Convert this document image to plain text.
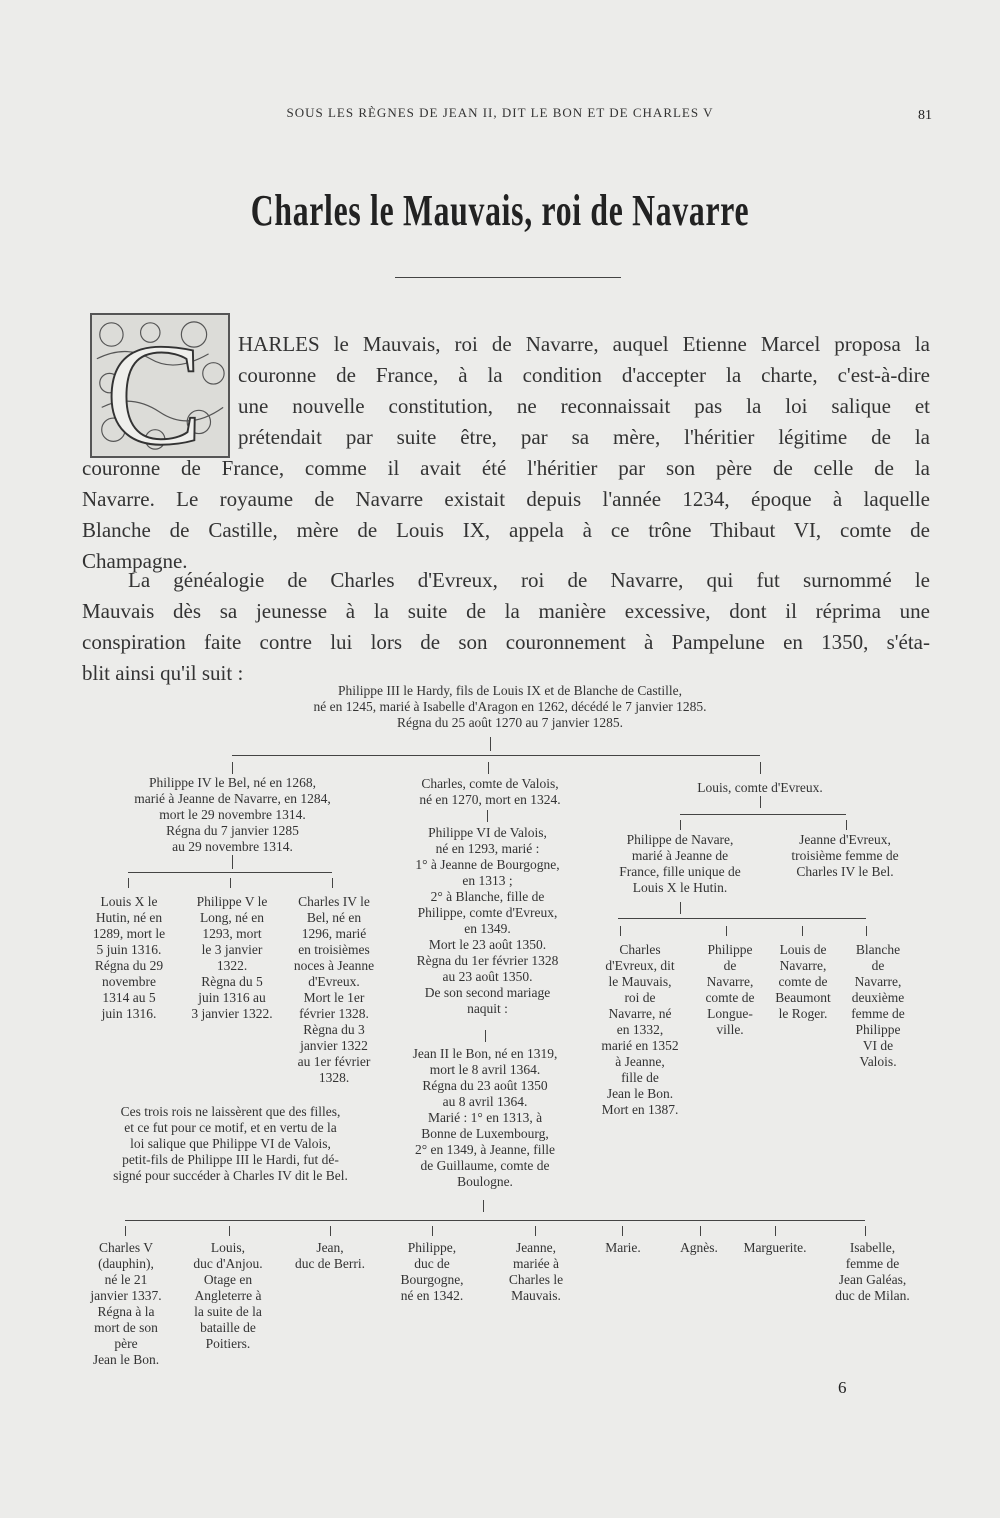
SOUS LES RÈGNES DE JEAN II, DIT LE BON ET DE CHARLES V	81
Charles le Mauvais, roi de Navarre
C HARLES le Mauvais, roi de Navarre, auquel Etienne Marcel proposa la
couronne de France, à la condition d'accepter la charte, c'est-à-dire
une nouvelle constitution, ne reconnaissait pas la loi salique et
prétendait par suite être, par sa mère, l'héritier légitime de la
couronne de France, comme il avait été l'héritier par son père de celle de la
Navarre. Le royaume de Navarre existait depuis l'année 1234, époque à laquelle
Blanche de Castille, mère de Louis IX, appela à ce trône Thibaut VI, comte de
Champagne.
La généalogie de Charles d'Evreux, roi de Navarre, qui fut surnommé le
Mauvais dès sa jeunesse à la suite de la manière excessive, dont il réprima une
conspiration faite contre lui lors de son couronnement à Pampelune en 1350, s'éta-
blit ainsi qu'il suit :
Philippe III le Hardy, fils de Louis IX et de Blanche de Castille,
né en 1245, marié à Isabelle d'Aragon en 1262, décédé le 7 janvier 1285.
Régna du 25 août 1270 au 7 janvier 1285.
Philippe IV le Bel, né en 1268,
marié à Jeanne de Navarre, en 1284,
mort le 29 novembre 1314.
Régna du 7 janvier 1285
au 29 novembre 1314.
Charles, comte de Valois,
né en 1270, mort en 1324.
Louis, comte d'Evreux.
Louis X le
Hutin, né en
1289, mort le
5 juin 1316.
Régna du 29
novembre
1314 au 5
juin 1316.
Philippe V le
Long, né en
1293, mort
le 3 janvier
1322.
Règna du 5
juin 1316 au
3 janvier 1322.
Charles IV le
Bel, né en
1296, marié
en troisièmes
noces à Jeanne
d'Evreux.
Mort le 1er
février 1328.
Règna du 3
janvier 1322
au 1er février
1328.
Ces trois rois ne laissèrent que des filles,
et ce fut pour ce motif, et en vertu de la
loi salique que Philippe VI de Valois,
petit-fils de Philippe III le Hardi, fut dé-
signé pour succéder à Charles IV dit le Bel.
Philippe VI de Valois,
né en 1293, marié :
1° à Jeanne de Bourgogne,
en 1313 ;
2° à Blanche, fille de
Philippe, comte d'Evreux,
en 1349.
Mort le 23 août 1350.
Règna du 1er février 1328
au 23 août 1350.
De son second mariage
naquit :
Jean II le Bon, né en 1319,
mort le 8 avril 1364.
Régna du 23 août 1350
au 8 avril 1364.
Marié : 1° en 1313, à
Bonne de Luxembourg,
2° en 1349, à Jeanne, fille
de Guillaume, comte de
Boulogne.
Philippe de Navare,
marié à Jeanne de
France, fille unique de
Louis X le Hutin.
Jeanne d'Evreux,
troisième femme de
Charles IV le Bel.
Charles
d'Evreux, dit
le Mauvais,
roi de
Navarre, né
en 1332,
marié en 1352
à Jeanne,
fille de
Jean le Bon.
Mort en 1387.
Philippe
de
Navarre,
comte de
Longue-
ville.
Louis de
Navarre,
comte de
Beaumont
le Roger.
Blanche
de
Navarre,
deuxième
femme de
Philippe
VI de
Valois.
Charles V
(dauphin),
né le 21
janvier 1337.
Régna à la
mort de son
père
Jean le Bon.
Louis,
duc d'Anjou.
Otage en
Angleterre à
la suite de la
bataille de
Poitiers.
Jean,
duc de Berri.
Philippe,
duc de
Bourgogne,
né en 1342.
Jeanne,
mariée à
Charles le
Mauvais.
Marie.	Agnès.	Marguerite.	Isabelle,
femme de
Jean Galéas,
duc de Milan.
6
